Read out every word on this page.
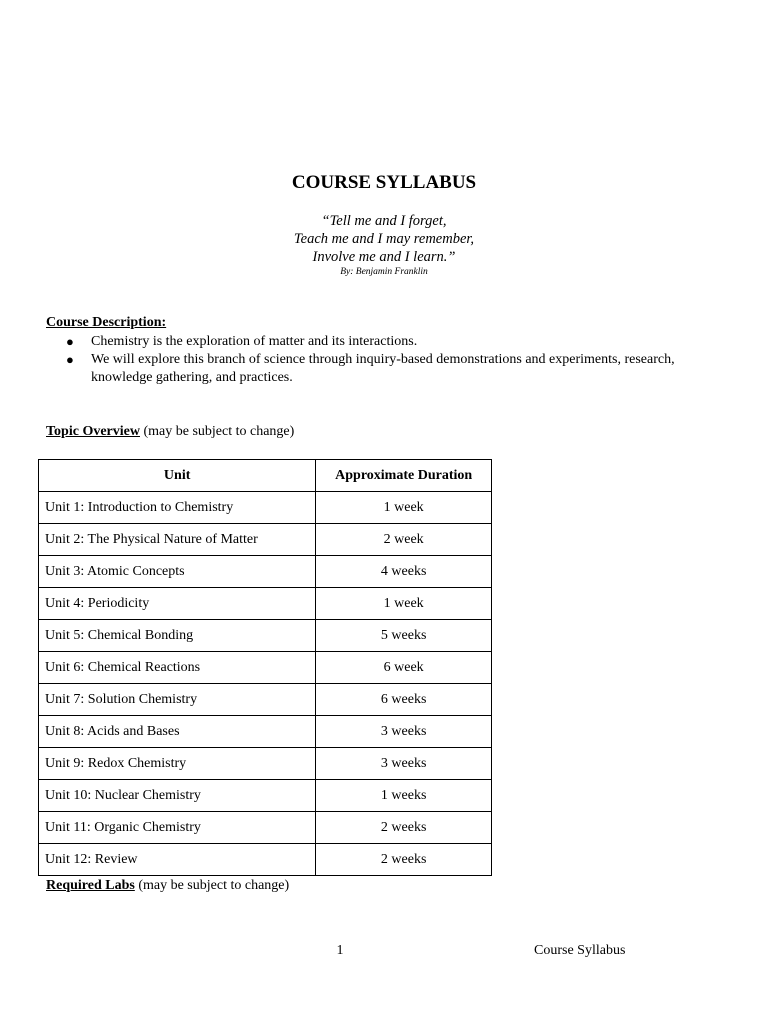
COURSE SYLLABUS
“Tell me and I forget,
Teach me and I may remember,
Involve me and I learn.”
By: Benjamin Franklin
Course Description:
● Chemistry is the exploration of matter and its interactions.
● We will explore this branch of science through inquiry-based demonstrations and experiments, research, knowledge gathering, and practices.
Topic Overview (may be subject to change)
Unit	Approximate Duration
Unit 1: Introduction to Chemistry	1 week
Unit 2: The Physical Nature of Matter	2 week
Unit 3: Atomic Concepts	4 weeks
Unit 4: Periodicity	1 week
Unit 5: Chemical Bonding	5 weeks
Unit 6: Chemical Reactions	6 week
Unit 7: Solution Chemistry	6 weeks
Unit 8: Acids and Bases	3 weeks
Unit 9: Redox Chemistry	3 weeks
Unit 10: Nuclear Chemistry	1 weeks
Unit 11: Organic Chemistry	2 weeks
Unit 12: Review	2 weeks
Required Labs (may be subject to change)
1	Course Syllabus
